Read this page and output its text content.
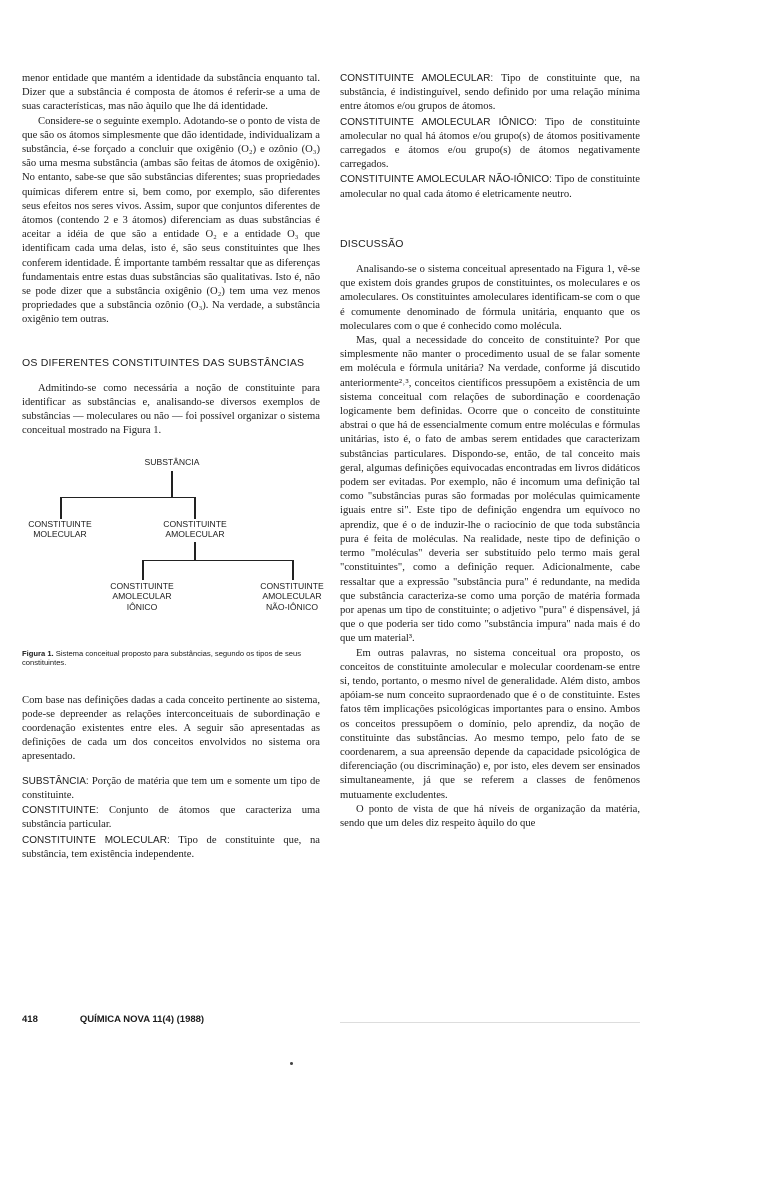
menor entidade que mantém a identidade da substância enquanto tal. Dizer que a substância é composta de átomos é referir-se a uma de suas características, mas não àquilo que lhe dá identidade.

Considere-se o seguinte exemplo. Adotando-se o ponto de vista de que são os átomos simplesmente que dão identidade, individualizam a substância, é-se forçado a concluir que oxigênio (O₂) e ozônio (O₃) são uma mesma substância (ambas são feitas de átomos de oxigênio). No entanto, sabe-se que são substâncias diferentes; suas propriedades químicas diferem entre si, bem como, por exemplo, são diferentes seus efeitos nos seres vivos. Assim, supor que conjuntos diferentes de átomos (contendo 2 e 3 átomos) diferenciam as duas substâncias é aceitar a idéia de que são a entidade O₂ e a entidade O₃ que identificam cada uma delas, isto é, são seus constituintes que lhes conferem identidade. É importante também ressaltar que as diferenças fundamentais entre estas duas substâncias são qualitativas. Isto é, não se pode dizer que a substância oxigênio (O₂) tem uma vez menos propriedades que a substância ozônio (O₃). Na verdade, a substância oxigênio tem outras.

OS DIFERENTES CONSTITUINTES DAS SUBSTÂNCIAS

Admitindo-se como necessária a noção de constituinte para identificar as substâncias e, analisando-se diversos exemplos de substâncias — moleculares ou não — foi possível organizar o sistema conceitual mostrado na Figura 1.

SUBSTÂNCIA
CONSTITUINTE
MOLECULAR
CONSTITUINTE
AMOLECULAR
CONSTITUINTE
AMOLECULAR
IÔNICO
CONSTITUINTE
AMOLECULAR
NÃO-IÔNICO

Figura 1. Sistema conceitual proposto para substâncias, segundo os tipos de seus constituintes.

Com base nas definições dadas a cada conceito pertinente ao sistema, pode-se depreender as relações interconceituais de subordinação e coordenação existentes entre eles. A seguir são apresentadas as definições de cada um dos conceitos envolvidos no sistema ora apresentado.

SUBSTÂNCIA: Porção de matéria que tem um e somente um tipo de constituinte.

CONSTITUINTE: Conjunto de átomos que caracteriza uma substância particular.

CONSTITUINTE MOLECULAR: Tipo de constituinte que, na substância, tem existência independente.

CONSTITUINTE AMOLECULAR: Tipo de constituinte que, na substância, é indistinguível, sendo definido por uma relação mínima entre átomos e/ou grupos de átomos.

CONSTITUINTE AMOLECULAR IÔNICO: Tipo de constituinte amolecular no qual há átomos e/ou grupo(s) de átomos positivamente carregados e átomos e/ou grupo(s) de átomos negativamente carregados.

CONSTITUINTE AMOLECULAR NÃO-IÔNICO: Tipo de constituinte amolecular no qual cada átomo é eletricamente neutro.

DISCUSSÃO

Analisando-se o sistema conceitual apresentado na Figura 1, vê-se que existem dois grandes grupos de constituintes, os moleculares e os amoleculares. Os constituintes amoleculares identificam-se com o que é comumente denominado de fórmula unitária, enquanto que os moleculares com o que é conhecido como molécula.

Mas, qual a necessidade do conceito de constituinte? Por que simplesmente não manter o procedimento usual de se falar somente em molécula e fórmula unitária? Na verdade, conforme já discutido anteriormente²˒³, conceitos científicos pressupõem a existência de um sistema conceitual com relações de subordinação e coordenação logicamente bem definidas. Ocorre que o conceito de constituinte abstrai o que há de essencialmente comum entre moléculas e fórmulas unitárias, isto é, o fato de ambas serem entidades que caracterizam substâncias particulares. Dispondo-se, então, de tal conceito mais geral, algumas definições equivocadas encontradas em livros didáticos podem ser evitadas. Por exemplo, não é incomum uma definição tal como "substâncias puras são formadas por moléculas quimicamente iguais entre si". Este tipo de definição engendra um equívoco no aprendiz, que é o de induzir-lhe o raciocínio de que toda substância pura é feita de moléculas. Na realidade, neste tipo de definição o termo "moléculas" deveria ser substituído pelo termo mais geral "constituintes", como a definição requer. Adicionalmente, cabe ressaltar que a expressão "substância pura" é redundante, na medida que substância caracteriza-se como uma porção de matéria formada por apenas um tipo de constituinte; o adjetivo "pura" é dispensável, já que o que poderia ser tido como "substância impura" nada mais é do que um material³.

Em outras palavras, no sistema conceitual ora proposto, os conceitos de constituinte amolecular e molecular coordenam-se entre si, tendo, portanto, o mesmo nível de generalidade. Além disto, ambos apóiam-se num conceito supraordenado que é o de constituinte. Estes fatos têm implicações psicológicas importantes para o ensino. Ambos os conceitos pressupõem o domínio, pelo aprendiz, da noção de constituinte das substâncias. Ao mesmo tempo, pelo fato de se coordenarem, a sua apreensão depende da capacidade psicológica de diferenciação (ou discriminação) e, por isto, eles devem ser ensinados simultaneamente, já que se referem a classes de fenômenos mutuamente excludentes.

O ponto de vista de que há níveis de organização da matéria, sendo que um deles diz respeito àquilo do que

418	QUÍMICA NOVA 11(4) (1988)
